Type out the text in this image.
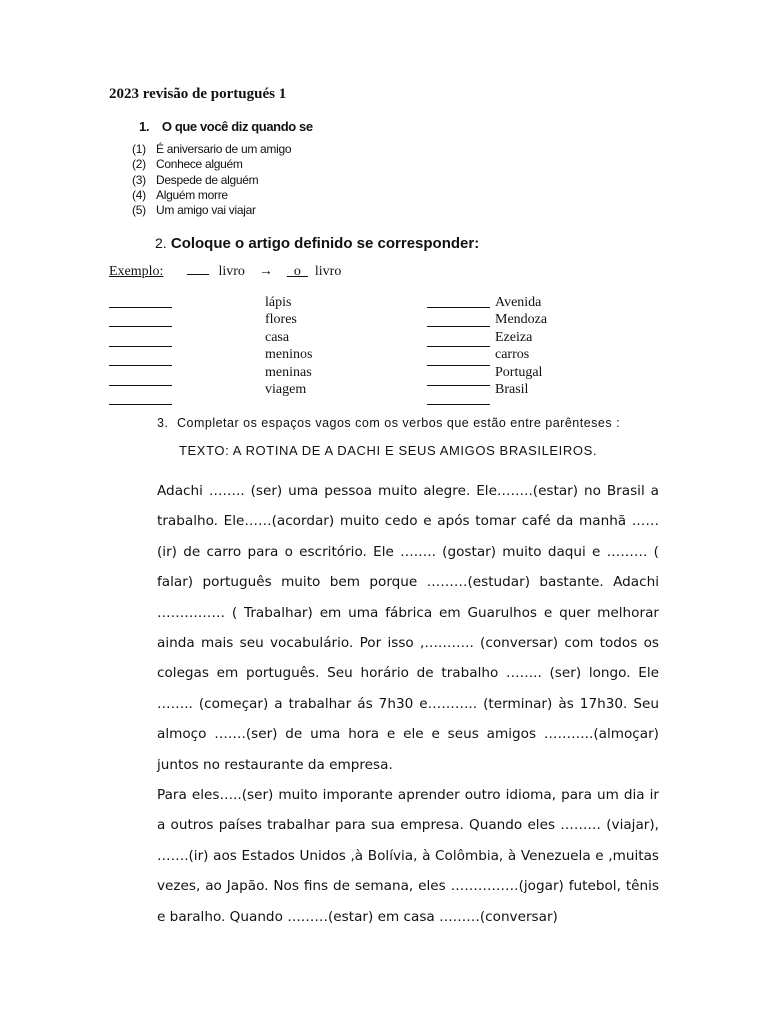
2023 revisão de portugués 1
1. O que você diz quando se
(1) É aniversario de um amigo
(2) Conhece alguém
(3) Despede de alguém
(4) Alguém morre
(5) Um amigo vai viajar
2. Coloque o artigo definido se corresponder:
Exemplo:	livro → o livro
lápis
flores
casa
meninos
meninas
viagem
Avenida
Mendoza
Ezeiza
carros
Portugal
Brasil
3. Completar os espaços vagos com os verbos que estão entre parênteses :
TEXTO: A ROTINA DE A DACHI E SEUS AMIGOS BRASILEIROS.

Adachi …….. (ser) uma pessoa muito alegre. Ele……..(estar) no Brasil a trabalho. Ele……(acordar) muito cedo e após tomar café da manhã …… (ir) de carro para o escritório. Ele …….. (gostar) muito daqui e ……… ( falar) português muito bem porque ………(estudar) bastante. Adachi …………… ( Trabalhar) em uma fábrica em Guarulhos e quer melhorar ainda mais seu vocabulário. Por isso ,……….. (conversar) com todos os colegas em português. Seu horário de trabalho …….. (ser) longo. Ele …….. (começar) a trabalhar ás 7h30 e……….. (terminar) às 17h30. Seu almoço …….(ser) de uma hora e ele e seus amigos ………..(almoçar) juntos no restaurante da empresa.

Para eles…..(ser) muito imporante aprender outro idioma, para um dia ir a outros países trabalhar para sua empresa. Quando eles ……… (viajar), …….(ir) aos Estados Unidos ,à Bolívia, à Colômbia, à Venezuela e ,muitas vezes, ao Japão. Nos fins de semana, eles ……………(jogar) futebol, tênis e baralho. Quando ………(estar) em casa ………(conversar)
